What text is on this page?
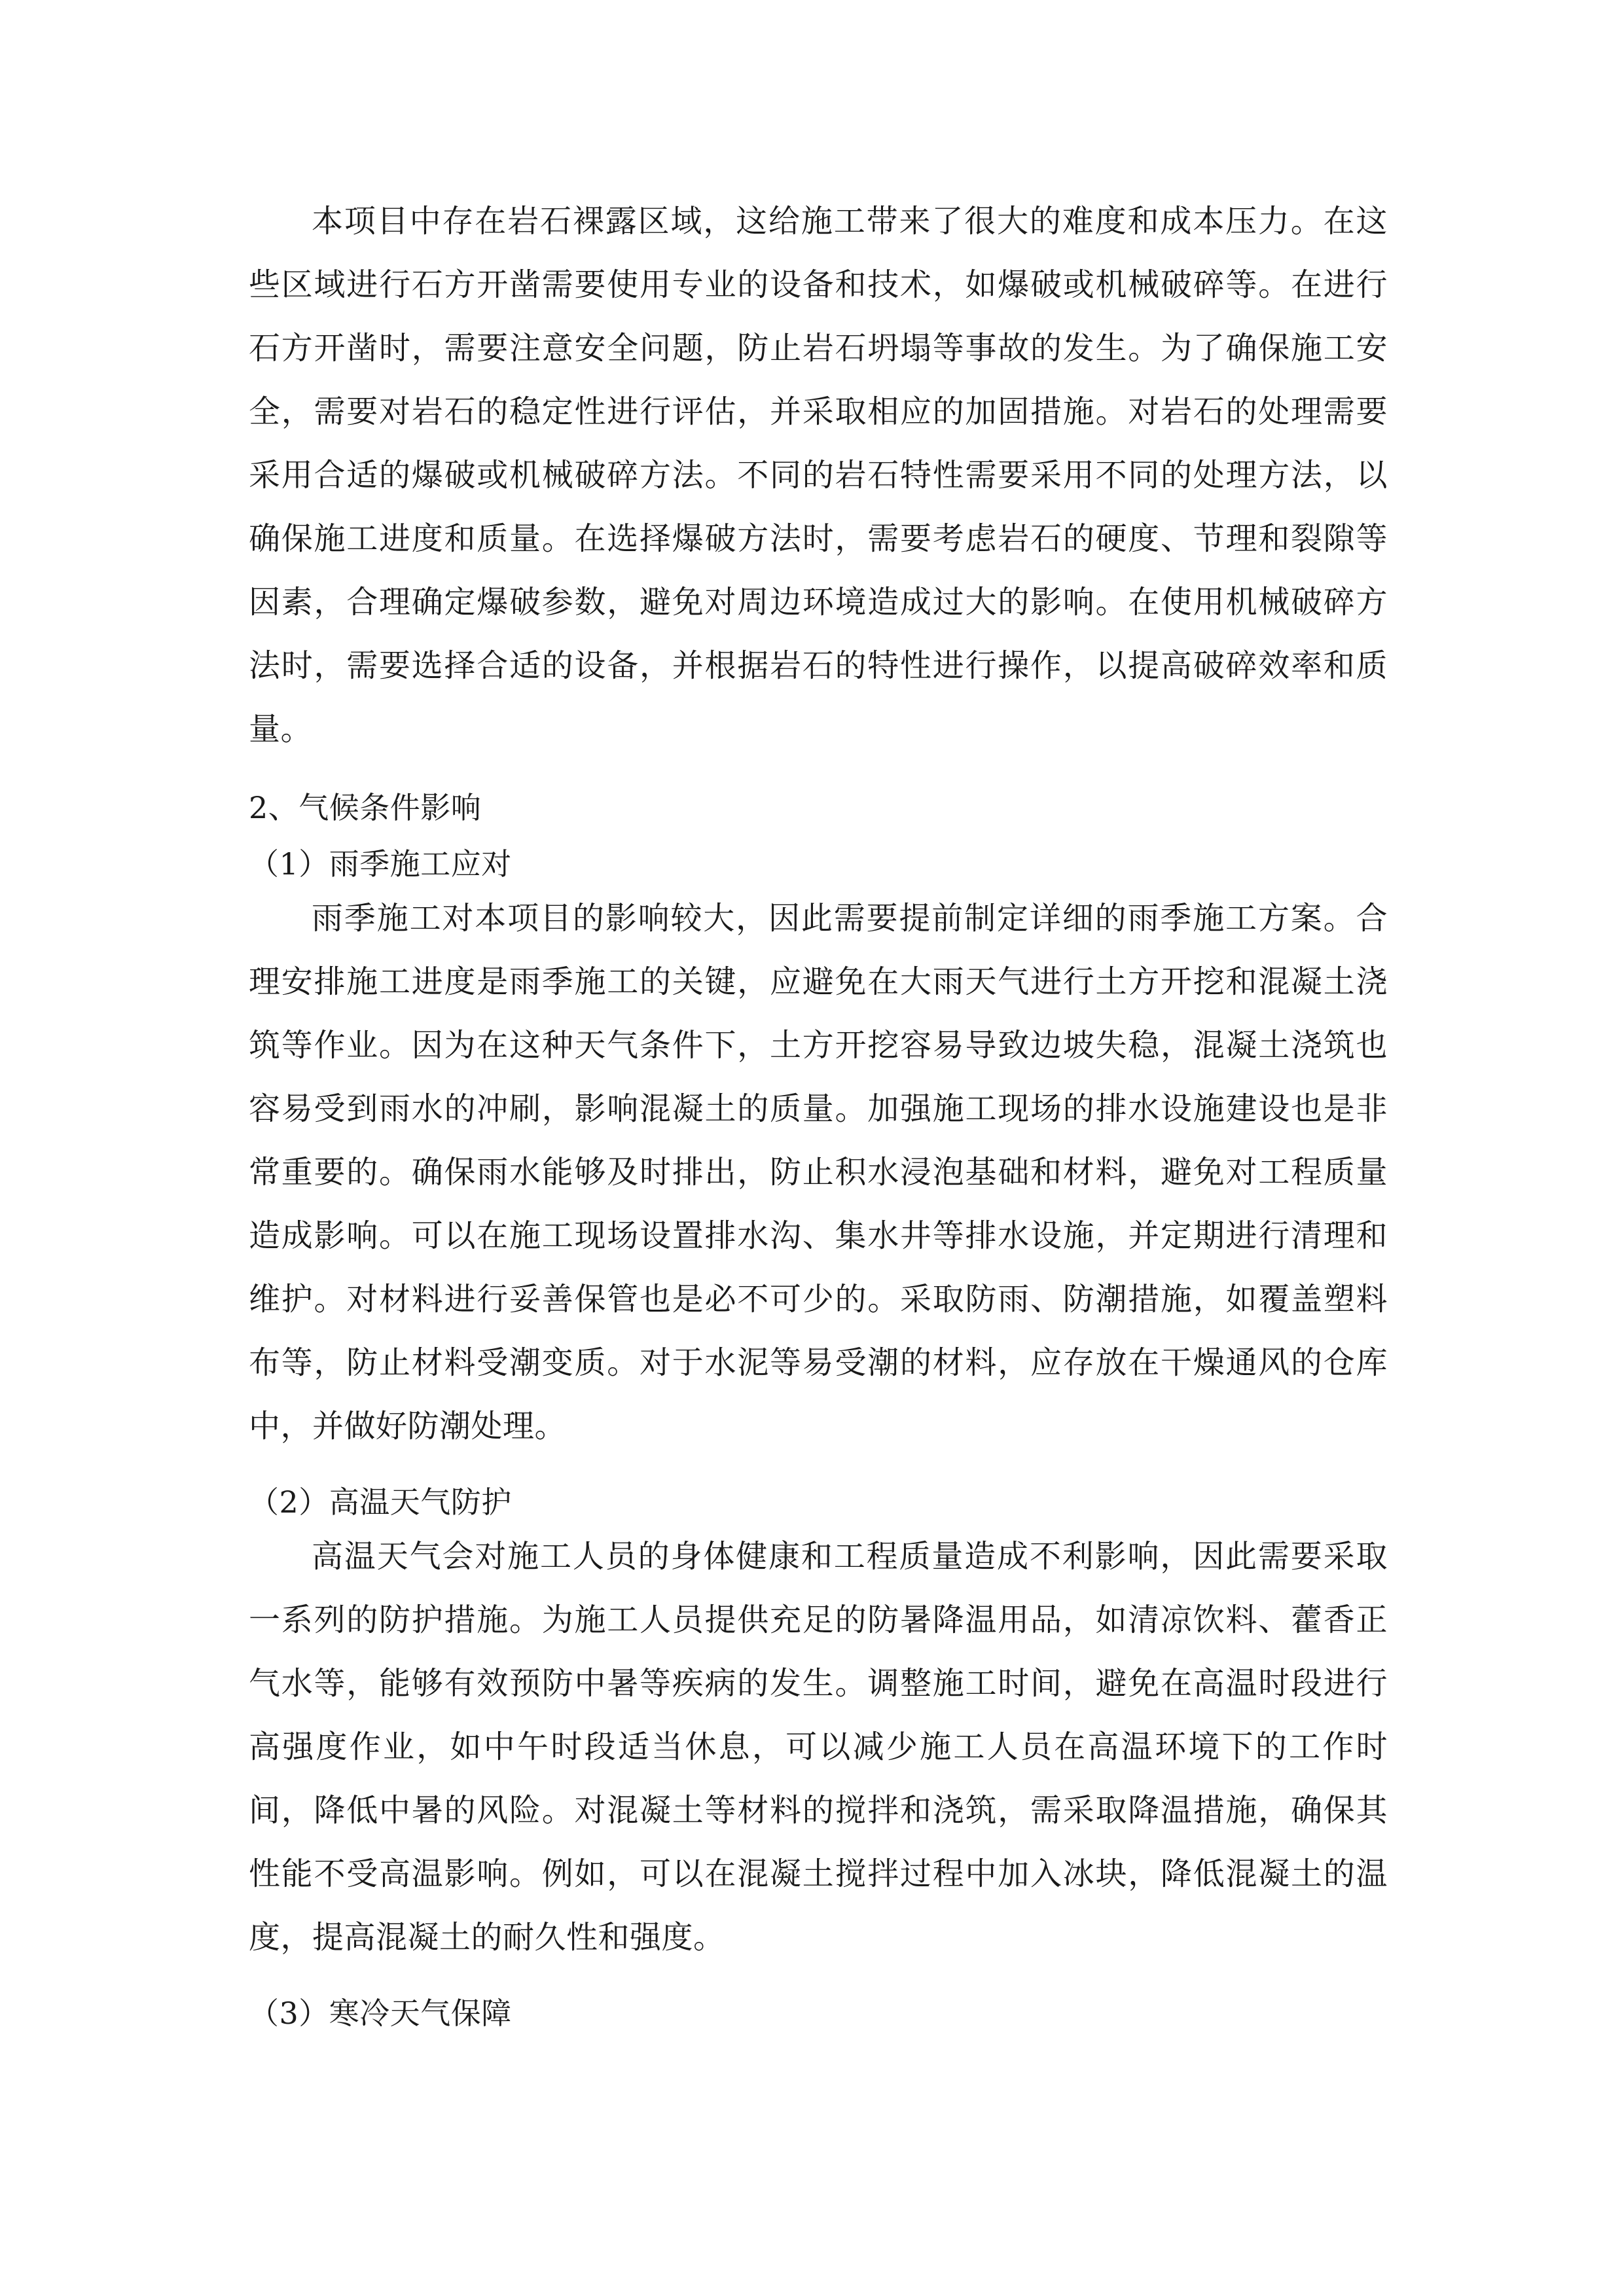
本项目中存在岩石裸露区域，这给施工带来了很大的难度和成本压力。在这些区域进行石方开凿需要使用专业的设备和技术，如爆破或机械破碎等。在进行石方开凿时，需要注意安全问题，防止岩石坍塌等事故的发生。为了确保施工安全，需要对岩石的稳定性进行评估，并采取相应的加固措施。对岩石的处理需要采用合适的爆破或机械破碎方法。不同的岩石特性需要采用不同的处理方法，以确保施工进度和质量。在选择爆破方法时，需要考虑岩石的硬度、节理和裂隙等因素，合理确定爆破参数，避免对周边环境造成过大的影响。在使用机械破碎方法时，需要选择合适的设备，并根据岩石的特性进行操作，以提高破碎效率和质量。

2、气候条件影响

（1）雨季施工应对

雨季施工对本项目的影响较大，因此需要提前制定详细的雨季施工方案。合理安排施工进度是雨季施工的关键，应避免在大雨天气进行土方开挖和混凝土浇筑等作业。因为在这种天气条件下，土方开挖容易导致边坡失稳，混凝土浇筑也容易受到雨水的冲刷，影响混凝土的质量。加强施工现场的排水设施建设也是非常重要的。确保雨水能够及时排出，防止积水浸泡基础和材料，避免对工程质量造成影响。可以在施工现场设置排水沟、集水井等排水设施，并定期进行清理和维护。对材料进行妥善保管也是必不可少的。采取防雨、防潮措施，如覆盖塑料布等，防止材料受潮变质。对于水泥等易受潮的材料，应存放在干燥通风的仓库中，并做好防潮处理。

（2）高温天气防护

高温天气会对施工人员的身体健康和工程质量造成不利影响，因此需要采取一系列的防护措施。为施工人员提供充足的防暑降温用品，如清凉饮料、藿香正气水等，能够有效预防中暑等疾病的发生。调整施工时间，避免在高温时段进行高强度作业，如中午时段适当休息，可以减少施工人员在高温环境下的工作时间，降低中暑的风险。对混凝土等材料的搅拌和浇筑，需采取降温措施，确保其性能不受高温影响。例如，可以在混凝土搅拌过程中加入冰块，降低混凝土的温度，提高混凝土的耐久性和强度。

（3）寒冷天气保障
